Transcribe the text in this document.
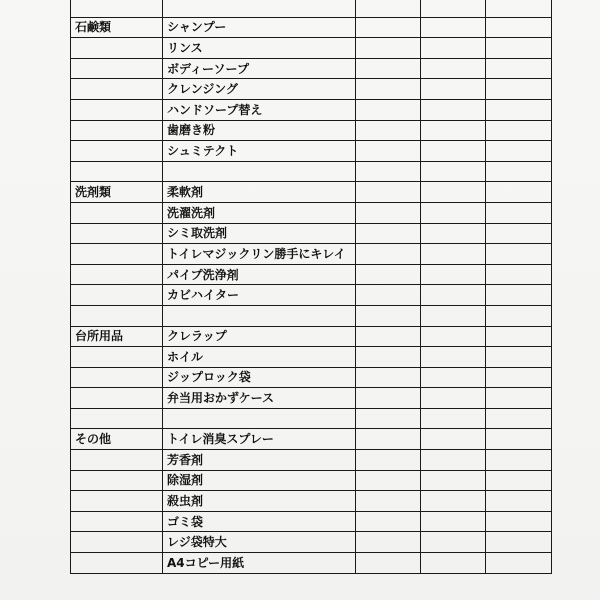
石鹸類	シャンプー			
	リンス			
	ボディーソープ			
	クレンジング			
	ハンドソープ替え			
	歯磨き粉			
	シュミテクト			

洗剤類	柔軟剤			
	洗濯洗剤			
	シミ取洗剤			
	トイレマジックリン勝手にキレイ			
	パイプ洗浄剤			
	カビハイター			

台所用品	クレラップ			
	ホイル			
	ジップロック袋			
	弁当用おかずケース			

その他	トイレ消臭スプレー			
	芳香剤			
	除湿剤			
	殺虫剤			
	ゴミ袋			
	レジ袋特大			
	A4コピー用紙			
